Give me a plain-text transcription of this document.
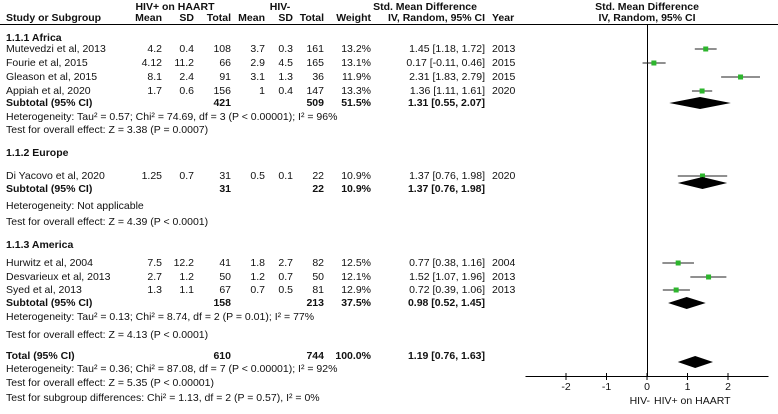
HIV+ on HAART	HIV-	Std. Mean Difference	Std. Mean Difference
Study or Subgroup	Mean	SD	Total Mean	SD Total	Weight	IV, Random, 95% CI Year	IV, Random, 95% CI
1.1.1 Africa
Mutevedzi et al, 2013	4.2	0.4	108	3.7	0.3	161	13.2%	1.45 [1.18, 1.72] 2013
Fourie et al, 2015	4.12	11.2	66	2.9	4.5	165	13.1%	0.17 [-0.11, 0.46] 2015
Gleason et al, 2015	8.1	2.4	91	3.1	1.3	36	11.9%	2.31 [1.83, 2.79] 2015
Appiah et al, 2020	1.7	0.6	156	1	0.4	147	13.3%	1.36 [1.11, 1.61] 2020
Subtotal (95% CI)	421	509	51.5%	1.31 [0.55, 2.07]
Heterogeneity: Tau² = 0.57; Chi² = 74.69, df = 3 (P < 0.00001); I² = 96%
Test for overall effect: Z = 3.38 (P = 0.0007)
1.1.2 Europe
Di Yacovo et al, 2020	1.25	0.7	31	0.5	0.1	22	10.9%	1.37 [0.76, 1.98] 2020
Subtotal (95% CI)	31	22	10.9%	1.37 [0.76, 1.98]
Heterogeneity: Not applicable
Test for overall effect: Z = 4.39 (P < 0.0001)
1.1.3 America
Hurwitz et al, 2004	7.5	12.2	41	1.8	2.7	82	12.5%	0.77 [0.38, 1.16] 2004
Desvarieux et al, 2013	2.7	1.2	50	1.2	0.7	50	12.1%	1.52 [1.07, 1.96] 2013
Syed et al, 2013	1.3	1.1	67	0.7	0.5	81	12.9%	0.72 [0.39, 1.06] 2013
Subtotal (95% CI)	158	213	37.5%	0.98 [0.52, 1.45]
Heterogeneity: Tau² = 0.13; Chi² = 8.74, df = 2 (P = 0.01); I² = 77%
Test for overall effect: Z = 4.13 (P < 0.0001)
Total (95% CI)	610	744	100.0%	1.19 [0.76, 1.63]
Heterogeneity: Tau² = 0.36; Chi² = 87.08, df = 7 (P < 0.00001); I² = 92%
Test for overall effect: Z = 5.35 (P < 0.00001)
Test for subgroup differences: Chi² = 1.13, df = 2 (P = 0.57), I² = 0%
-2	-1	0	1	2
HIV- HIV+ on HAART
